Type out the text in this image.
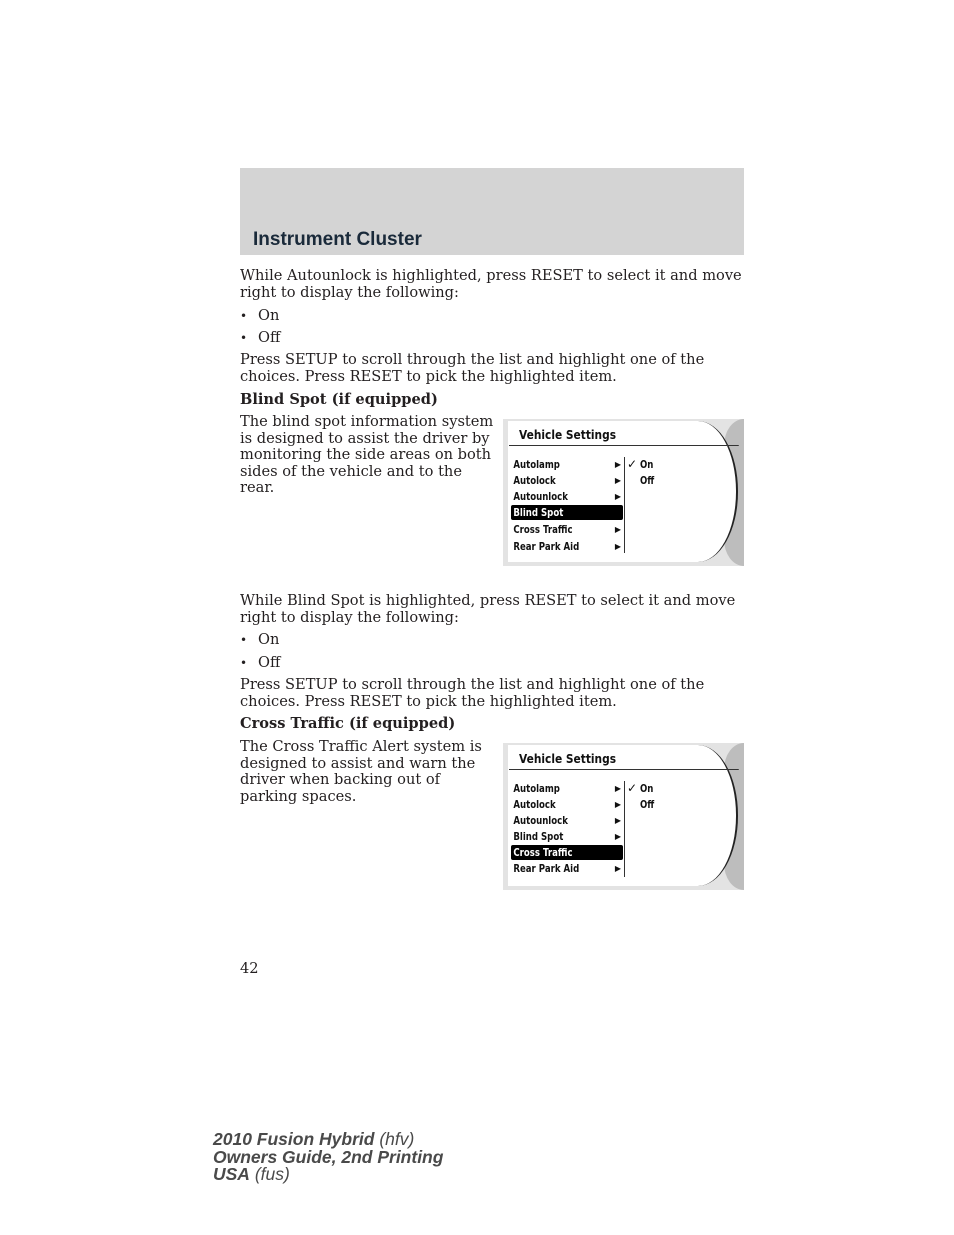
Instrument Cluster

While Autounlock is highlighted, press RESET to select it and move right to display the following:

• On
• Off

Press SETUP to scroll through the list and highlight one of the choices. Press RESET to pick the highlighted item.

Blind Spot (if equipped)

The blind spot information system is designed to assist the driver by monitoring the side areas on both sides of the vehicle and to the rear.

Vehicle Settings
Autolamp	▶
Autolock	▶
Autounlock	▶
Blind Spot
Cross Traffic	▶
Rear Park Aid	▶
✓ On
Off

While Blind Spot is highlighted, press RESET to select it and move right to display the following:

• On
• Off

Press SETUP to scroll through the list and highlight one of the choices. Press RESET to pick the highlighted item.

Cross Traffic (if equipped)

The Cross Traffic Alert system is designed to assist and warn the driver when backing out of parking spaces.

Vehicle Settings
Autolamp	▶
Autolock	▶
Autounlock	▶
Blind Spot	▶
Cross Traffic
Rear Park Aid	▶
✓ On
Off
42
2010 Fusion Hybrid (hfv)
Owners Guide, 2nd Printing
USA (fus)
